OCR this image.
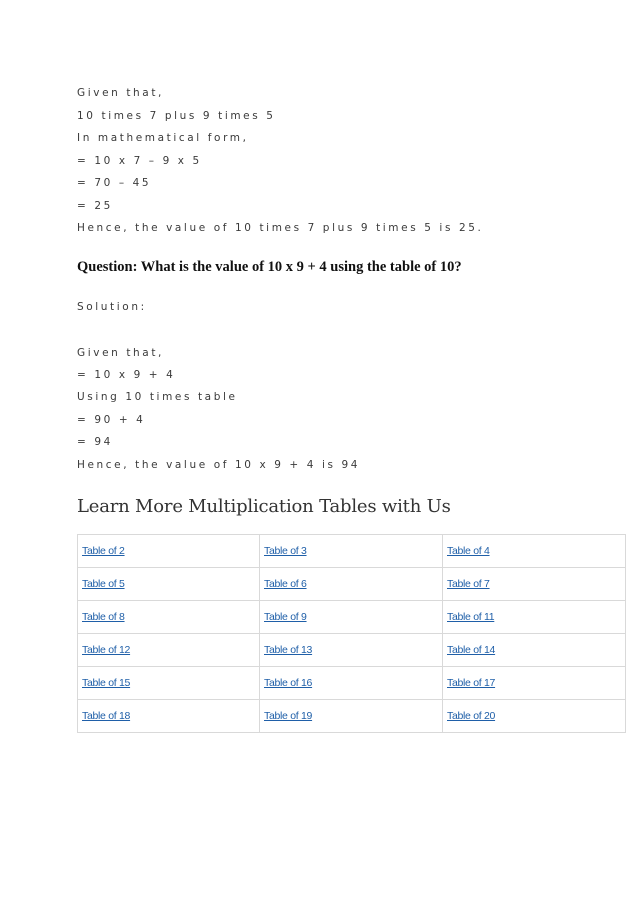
Given that,
10 times 7 plus 9 times 5
In mathematical form,
= 10 x 7 – 9 x 5
= 70 – 45
= 25
Hence, the value of 10 times 7 plus 9 times 5 is 25.
Question: What is the value of 10 x 9 + 4 using the table of 10?
Solution:
Given that,
= 10 x 9 + 4
Using 10 times table
= 90 + 4
= 94
Hence, the value of 10 x 9 + 4 is 94
Learn More Multiplication Tables with Us
Table of 2	Table of 3	Table of 4
Table of 5	Table of 6	Table of 7
Table of 8	Table of 9	Table of 11
Table of 12	Table of 13	Table of 14
Table of 15	Table of 16	Table of 17
Table of 18	Table of 19	Table of 20
